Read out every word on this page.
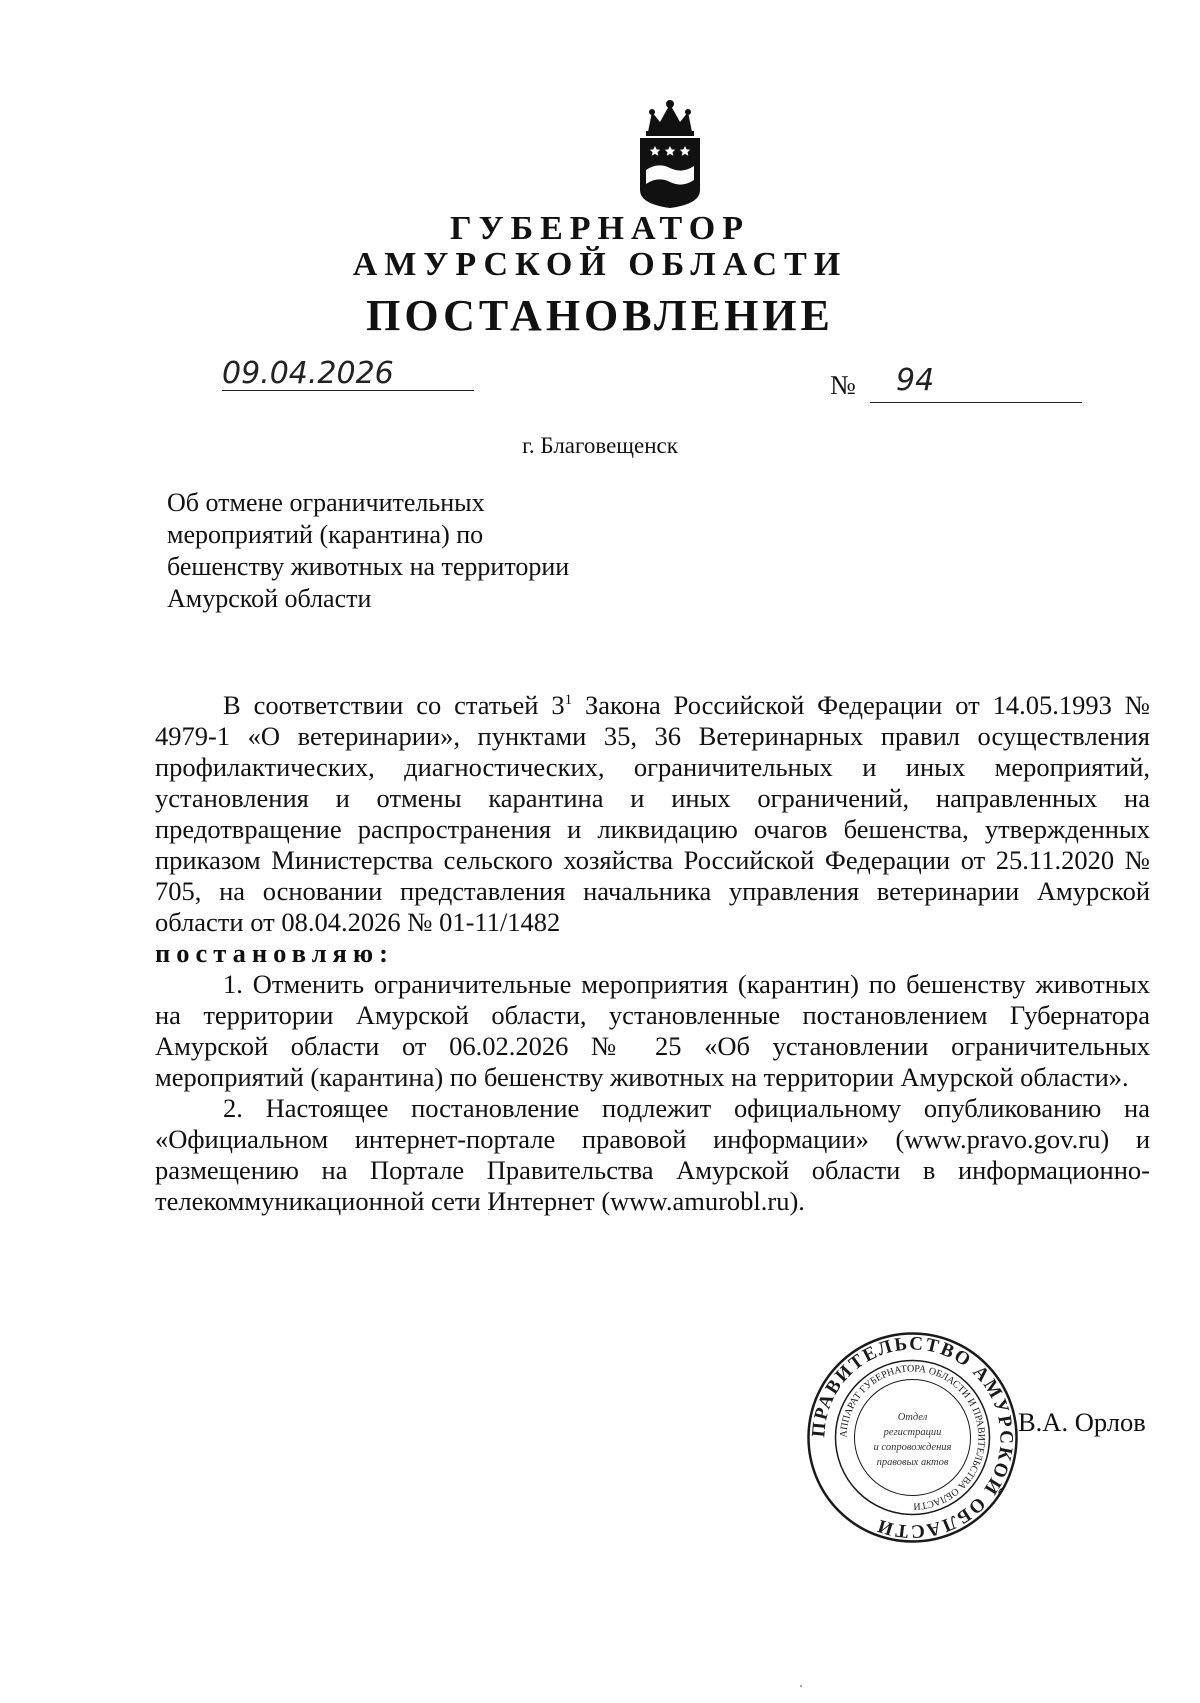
ГУБЕРНАТОР
АМУРСКОЙ ОБЛАСТИ
ПОСТАНОВЛЕНИЕ
09.04.2026	№ 94
г. Благовещенск
Об отмене ограничительных мероприятий (карантина) по бешенству животных на территории Амурской области

В соответствии со статьей $3^1$ Закона Российской Федерации от 14.05.1993 № 4979-1 «О ветеринарии», пунктами 35, 36 Ветеринарных правил осуществления профилактических, диагностических, ограничительных и иных мероприятий, установления и отмены карантина и иных ограничений, направленных на предотвращение распространения и ликвидацию очагов бешенства, утвержденных приказом Министерства сельского хозяйства Российской Федерации от 25.11.2020 № 705, на основании представления начальника управления ветеринарии Амурской области от 08.04.2026 № 01-11/1482

постановляю:

1. Отменить ограничительные мероприятия (карантин) по бешенству животных на территории Амурской области, установленные постановлением Губернатора Амурской области от 06.02.2026 № 25 «Об установлении ограничительных мероприятий (карантина) по бешенству животных на территории Амурской области».

2. Настоящее постановление подлежит официальному опубликованию на «Официальном интернет-портале правовой информации» (www.pravo.gov.ru) и размещению на Портале Правительства Амурской области в информационно-телекоммуникационной сети Интернет (www.amurobl.ru).

ПРАВИТЕЛЬСТВО АМУРСКОЙ ОБЛАСТИ
АППАРАТ ГУБЕРНАТОРА ОБЛАСТИ И ПРАВИТЕЛЬСТВА ОБЛАСТИ
Отдел
регистрации
и сопровождения
правовых актов
В.А. Орлов
